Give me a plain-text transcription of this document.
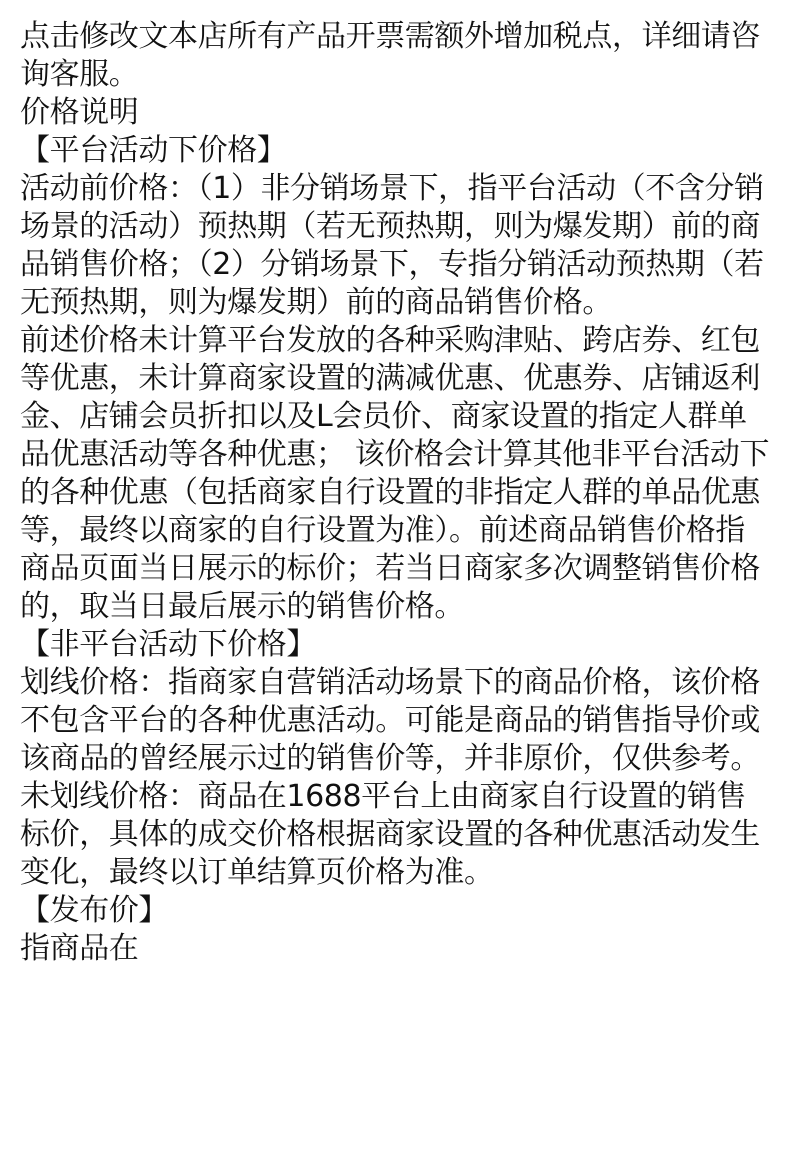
点击修改文本店所有产品开票需额外增加税点，详细请咨询客服。

价格说明

【平台活动下价格】

活动前价格：（1）非分销场景下，指平台活动（不含分销场景的活动）预热期（若无预热期，则为爆发期）前的商品销售价格；（2）分销场景下，专指分销活动预热期（若无预热期，则为爆发期）前的商品销售价格。

前述价格未计算平台发放的各种采购津贴、跨店券、红包等优惠，未计算商家设置的满减优惠、优惠券、店铺返利金、店铺会员折扣以及L会员价、商家设置的指定人群单品优惠活动等各种优惠； 该价格会计算其他非平台活动下的各种优惠（包括商家自行设置的非指定人群的单品优惠等，最终以商家的自行设置为准）。前述商品销售价格指商品页面当日展示的标价；若当日商家多次调整销售价格的，取当日最后展示的销售价格。

【非平台活动下价格】

划线价格：指商家自营销活动场景下的商品价格，该价格不包含平台的各种优惠活动。可能是商品的销售指导价或该商品的曾经展示过的销售价等，并非原价，仅供参考。

未划线价格：商品在1688平台上由商家自行设置的销售标价，具体的成交价格根据商家设置的各种优惠活动发生变化，最终以订单结算页价格为准。

【发布价】

指商品在
